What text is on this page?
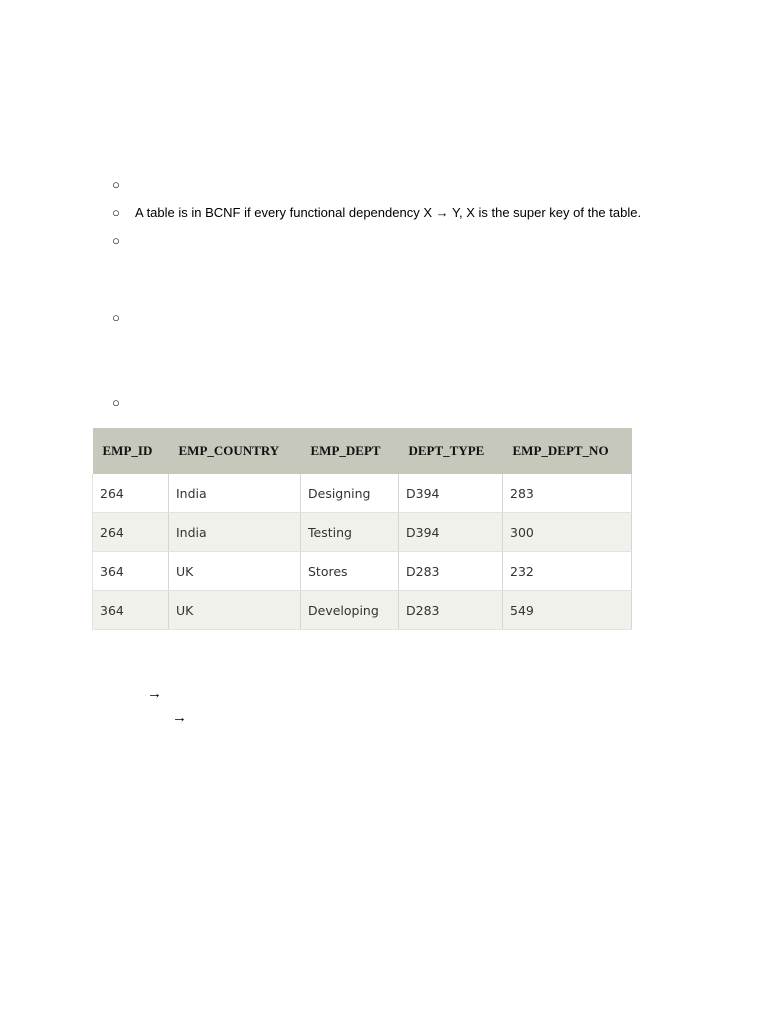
○
○ A table is in BCNF if every functional dependency X → Y, X is the super key of the table.
○
○
○
EMP_ID	EMP_COUNTRY	EMP_DEPT	DEPT_TYPE	EMP_DEPT_NO
264	India	Designing	D394	283
264	India	Testing	D394	300
364	UK	Stores	D283	232
364	UK	Developing	D283	549
→
→
